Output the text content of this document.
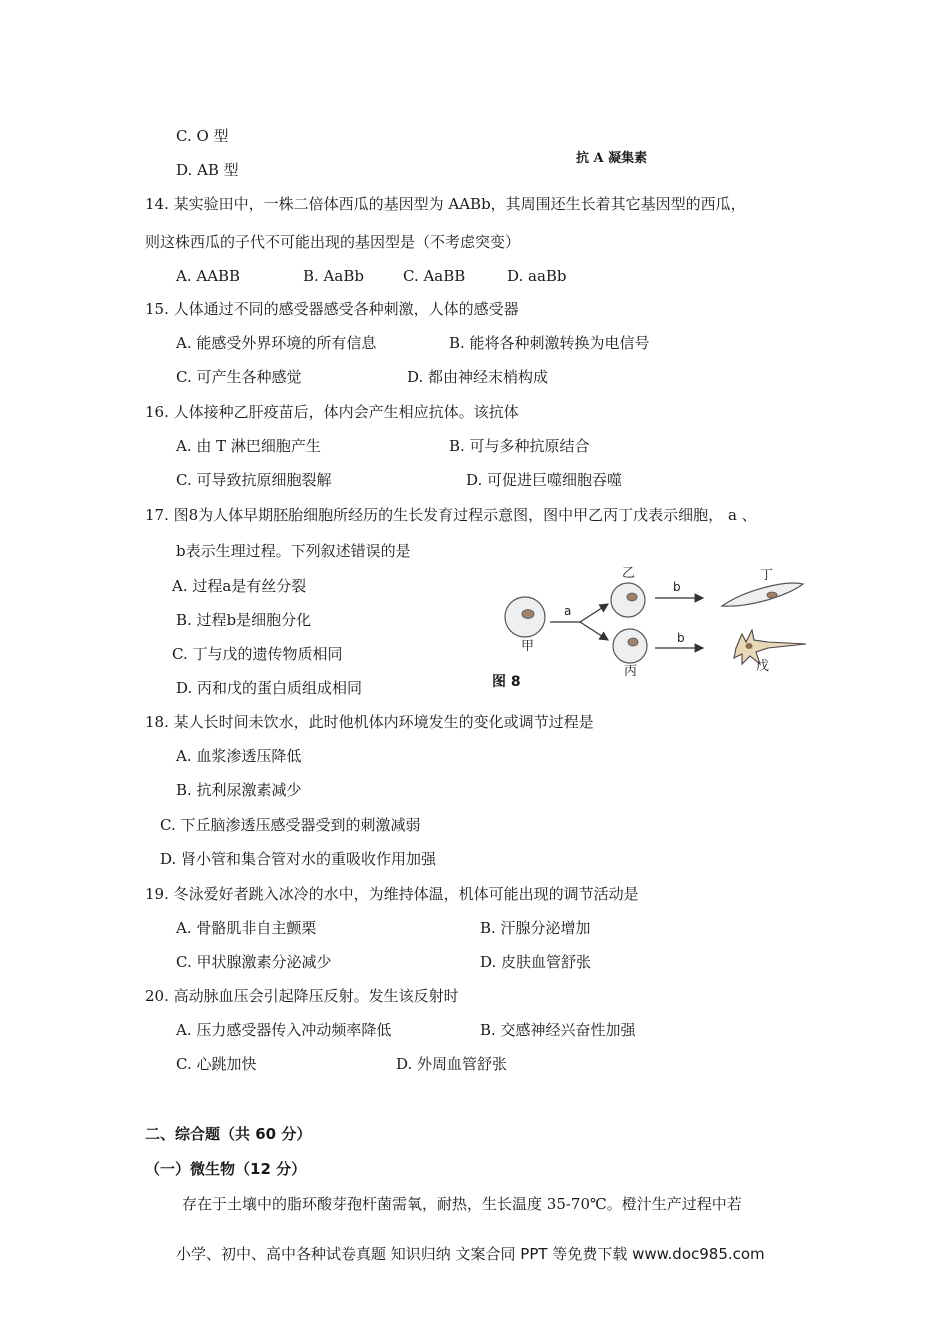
C. O 型
D. AB 型
抗 A 凝集素
14. 某实验田中，一株二倍体西瓜的基因型为 AABb，其周围还生长着其它基因型的西瓜，
则这株西瓜的子代不可能出现的基因型是（不考虑突变）
A. AABB	B. AaBb	C. AaBB	D. aaBb
15. 人体通过不同的感受器感受各种刺激，人体的感受器
A. 能感受外界环境的所有信息	B. 能将各种刺激转换为电信号
C. 可产生各种感觉	D. 都由神经末梢构成
16. 人体接种乙肝疫苗后，体内会产生相应抗体。该抗体
A. 由 T 淋巴细胞产生	B. 可与多种抗原结合
C. 可导致抗原细胞裂解	D. 可促进巨噬细胞吞噬
17. 图8为人体早期胚胎细胞所经历的生长发育过程示意图，图中甲乙丙丁戊表示细胞， a 、
b表示生理过程。下列叙述错误的是
A. 过程a是有丝分裂
B. 过程b是细胞分化
C. 丁与戊的遗传物质相同
D. 丙和戊的蛋白质组成相同
甲
a
乙
丙
b
b
丁
戊
图 8
18. 某人长时间未饮水，此时他机体内环境发生的变化或调节过程是
A. 血浆渗透压降低
B. 抗利尿激素减少
C. 下丘脑渗透压感受器受到的刺激减弱
D. 肾小管和集合管对水的重吸收作用加强
19. 冬泳爱好者跳入冰冷的水中，为维持体温，机体可能出现的调节活动是
A. 骨骼肌非自主颤栗	B. 汗腺分泌增加
C. 甲状腺激素分泌减少	D. 皮肤血管舒张
20. 高动脉血压会引起降压反射。发生该反射时
A. 压力感受器传入冲动频率降低	B. 交感神经兴奋性加强
C. 心跳加快	D. 外周血管舒张
二、综合题（共 60 分）
（一）微生物（12 分）
存在于土壤中的脂环酸芽孢杆菌需氧，耐热，生长温度 35-70℃。橙汁生产过程中若
小学、初中、高中各种试卷真题 知识归纳 文案合同 PPT 等免费下载 www.doc985.com
